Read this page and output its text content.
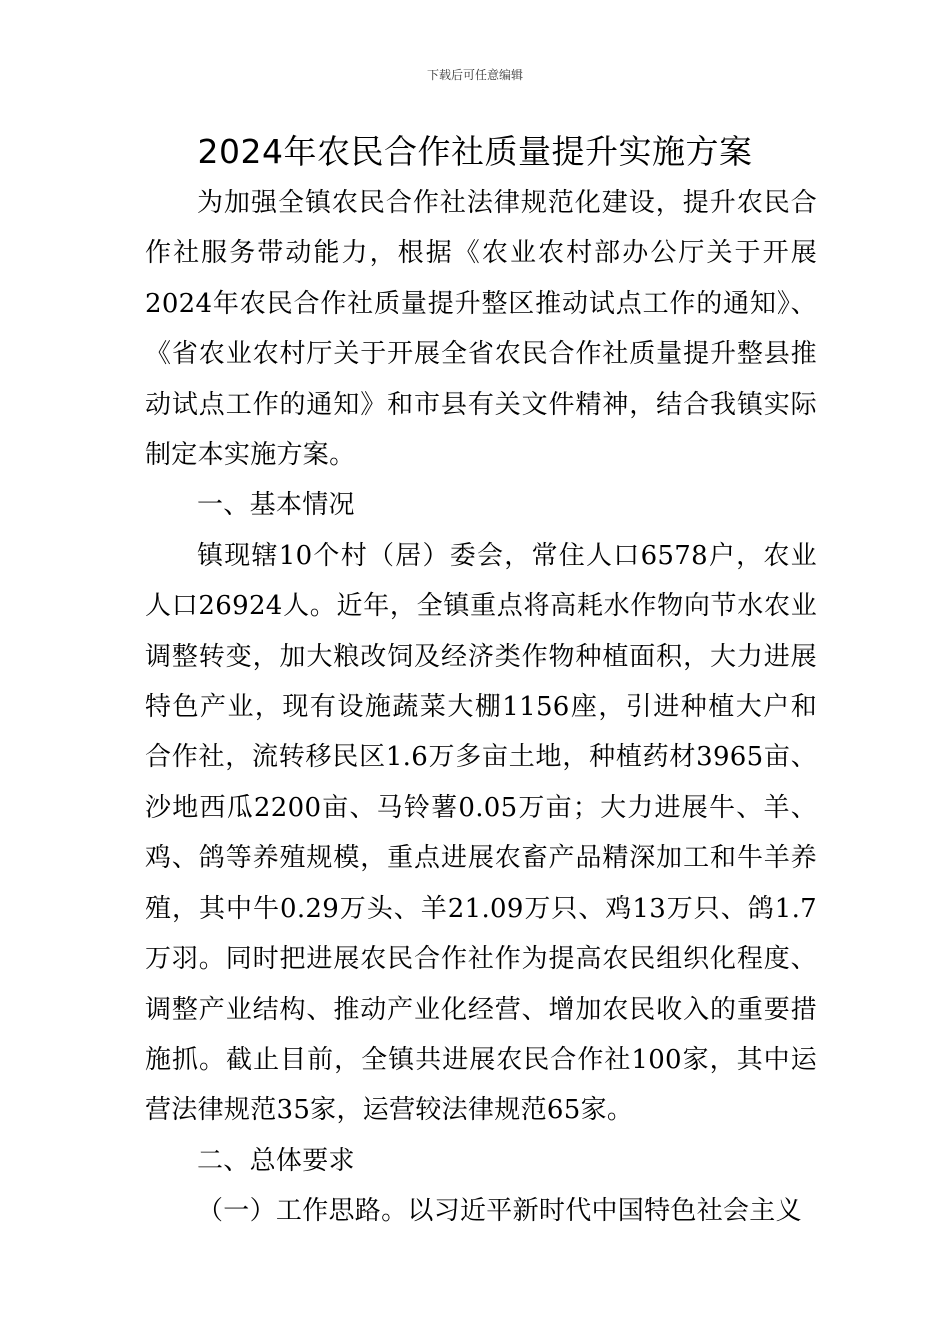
下载后可任意编辑
2024年农民合作社质量提升实施方案

为加强全镇农民合作社法律规范化建设，提升农民合作社服务带动能力，根据《农业农村部办公厅关于开展2024年农民合作社质量提升整区推动试点工作的通知》、《省农业农村厅关于开展全省农民合作社质量提升整县推动试点工作的通知》和市县有关文件精神，结合我镇实际制定本实施方案。

一、基本情况

镇现辖10个村（居）委会，常住人口6578户，农业人口26924人。近年，全镇重点将高耗水作物向节水农业调整转变，加大粮改饲及经济类作物种植面积，大力进展特色产业，现有设施蔬菜大棚1156座，引进种植大户和合作社，流转移民区1.6万多亩土地，种植药材3965亩、沙地西瓜2200亩、马铃薯0.05万亩；大力进展牛、羊、鸡、鸽等养殖规模，重点进展农畜产品精深加工和牛羊养殖，其中牛0.29万头、羊21.09万只、鸡13万只、鸽1.7万羽。同时把进展农民合作社作为提高农民组织化程度、调整产业结构、推动产业化经营、增加农民收入的重要措施抓。截止目前，全镇共进展农民合作社100家，其中运营法律规范35家，运营较法律规范65家。

二、总体要求

（一）工作思路。以习近平新时代中国特色社会主义
